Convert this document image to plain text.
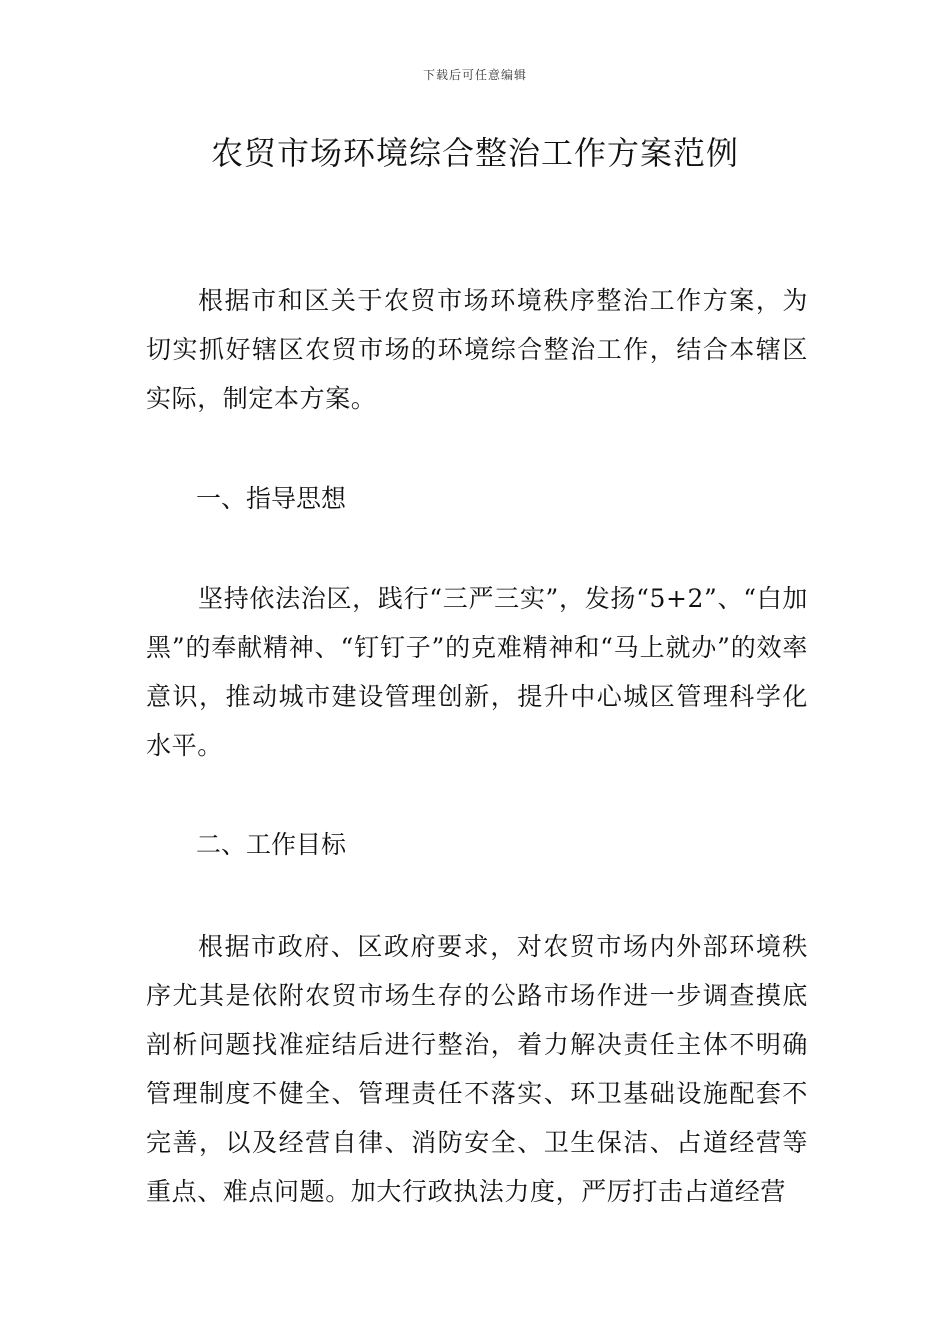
下载后可任意编辑
农贸市场环境综合整治工作方案范例

根据市和区关于农贸市场环境秩序整治工作方案，为切实抓好辖区农贸市场的环境综合整治工作，结合本辖区实际，制定本方案。

一、指导思想

坚持依法治区，践行“三严三实”，发扬“5+2”、“白加黑”的奉献精神、“钉钉子”的克难精神和“马上就办”的效率意识，推动城市建设管理创新，提升中心城区管理科学化水平。

二、工作目标

根据市政府、区政府要求，对农贸市场内外部环境秩序尤其是依附农贸市场生存的公路市场作进一步调查摸底剖析问题找准症结后进行整治，着力解决责任主体不明确管理制度不健全、管理责任不落实、环卫基础设施配套不完善，以及经营自律、消防安全、卫生保洁、占道经营等重点、难点问题。加大行政执法力度，严厉打击占道经营
